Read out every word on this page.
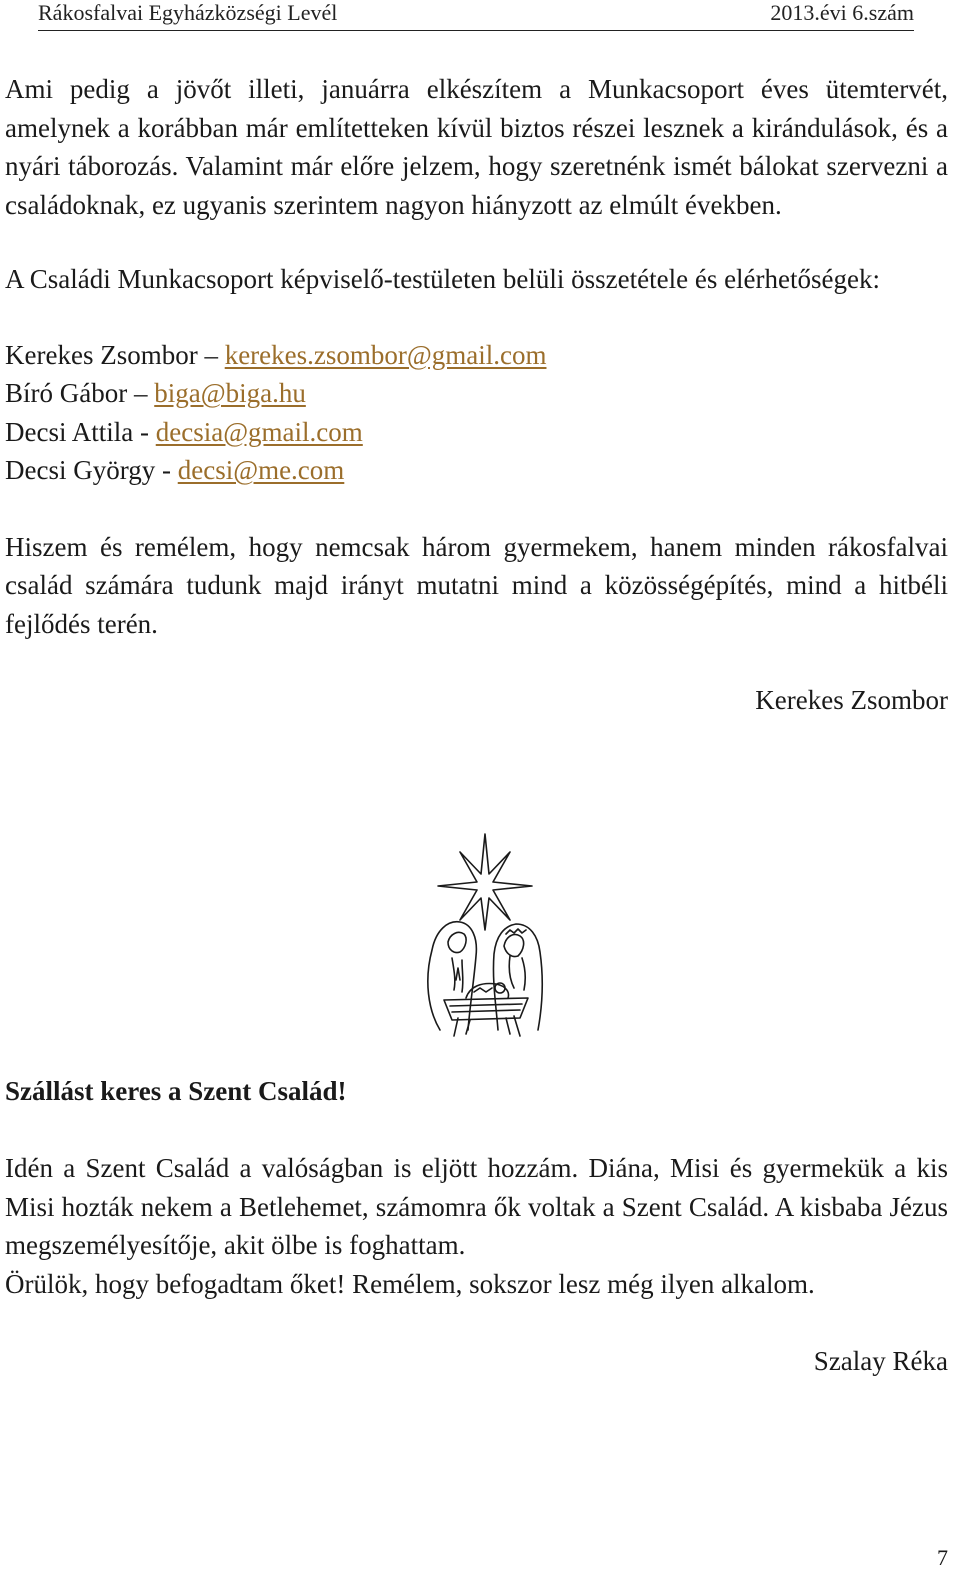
Rákosfalvai Egyházközségi Levél	2013.évi 6.szám

Ami pedig a jövőt illeti, januárra elkészítem a Munkacsoport éves ütemtervét, amelynek a korábban már említetteken kívül biztos részei lesznek a kirándulások, és a nyári táborozás. Valamint már előre jelzem, hogy szeretnénk ismét bálokat szervezni a családoknak, ez ugyanis szerintem nagyon hiányzott az elmúlt években.

A Családi Munkacsoport képviselő-testületen belüli összetétele és elérhetőségek:

Kerekes Zsombor – kerekes.zsombor@gmail.com
Bíró Gábor – biga@biga.hu
Decsi Attila - decsia@gmail.com
Decsi György - decsi@me.com

Hiszem és remélem, hogy nemcsak három gyermekem, hanem minden rákosfalvai család számára tudunk majd irányt mutatni mind a közösségépítés, mind a hitbéli fejlődés terén.

Kerekes Zsombor

Szállást keres a Szent Család!

Idén a Szent Család a valóságban is eljött hozzám. Diána, Misi és gyermekük a kis Misi hozták nekem a Betlehemet, számomra ők voltak a Szent Család. A kisbaba Jézus megszemélyesítője, akit ölbe is foghattam.

Örülök, hogy befogadtam őket! Remélem, sokszor lesz még ilyen alkalom.

Szalay Réka

7
